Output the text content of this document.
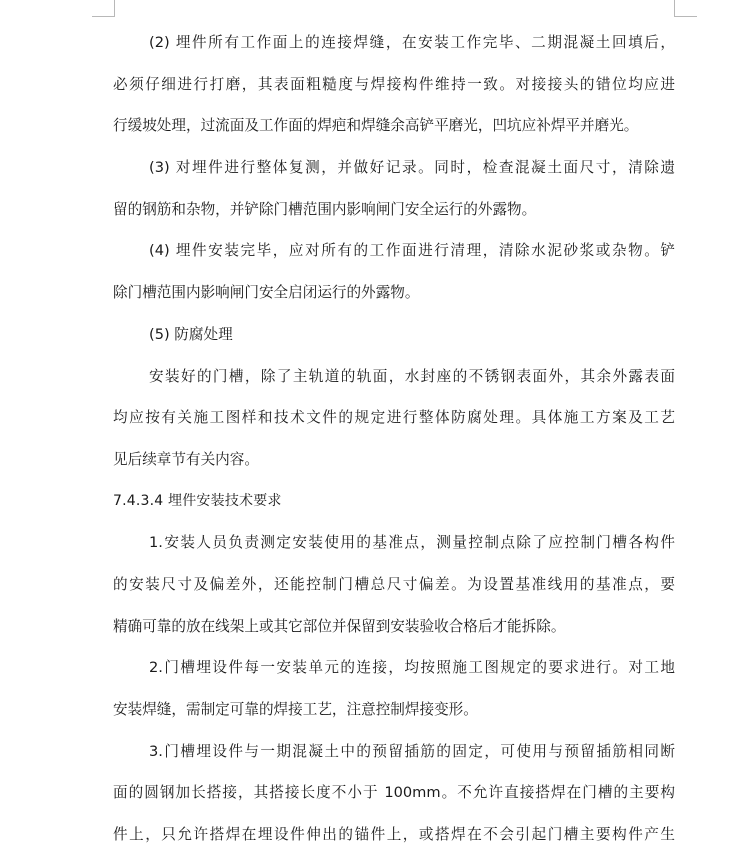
(2) 埋件所有工作面上的连接焊缝，在安装工作完毕、二期混凝土回填后，
必须仔细进行打磨，其表面粗糙度与焊接构件维持一致。对接接头的错位均应进
行缓坡处理，过流面及工作面的焊疤和焊缝余高铲平磨光，凹坑应补焊平并磨光。
(3) 对埋件进行整体复测，并做好记录。同时，检查混凝土面尺寸，清除遗
留的钢筋和杂物，并铲除门槽范围内影响闸门安全运行的外露物。
(4) 埋件安装完毕，应对所有的工作面进行清理，清除水泥砂浆或杂物。铲
除门槽范围内影响闸门安全启闭运行的外露物。
(5) 防腐处理
安装好的门槽，除了主轨道的轨面，水封座的不锈钢表面外，其余外露表面
均应按有关施工图样和技术文件的规定进行整体防腐处理。具体施工方案及工艺
见后续章节有关内容。
7.4.3.4 埋件安装技术要求
1.安装人员负责测定安装使用的基准点，测量控制点除了应控制门槽各构件
的安装尺寸及偏差外，还能控制门槽总尺寸偏差。为设置基准线用的基准点，要
精确可靠的放在线架上或其它部位并保留到安装验收合格后才能拆除。
2.门槽埋设件每一安装单元的连接，均按照施工图规定的要求进行。对工地
安装焊缝，需制定可靠的焊接工艺，注意控制焊接变形。
3.门槽埋设件与一期混凝土中的预留插筋的固定，可使用与预留插筋相同断
面的圆钢加长搭接，其搭接长度不小于 100mm。不允许直接搭焊在门槽的主要构
件上，只允许搭焊在埋设件伸出的锚件上，或搭焊在不会引起门槽主要构件产生
